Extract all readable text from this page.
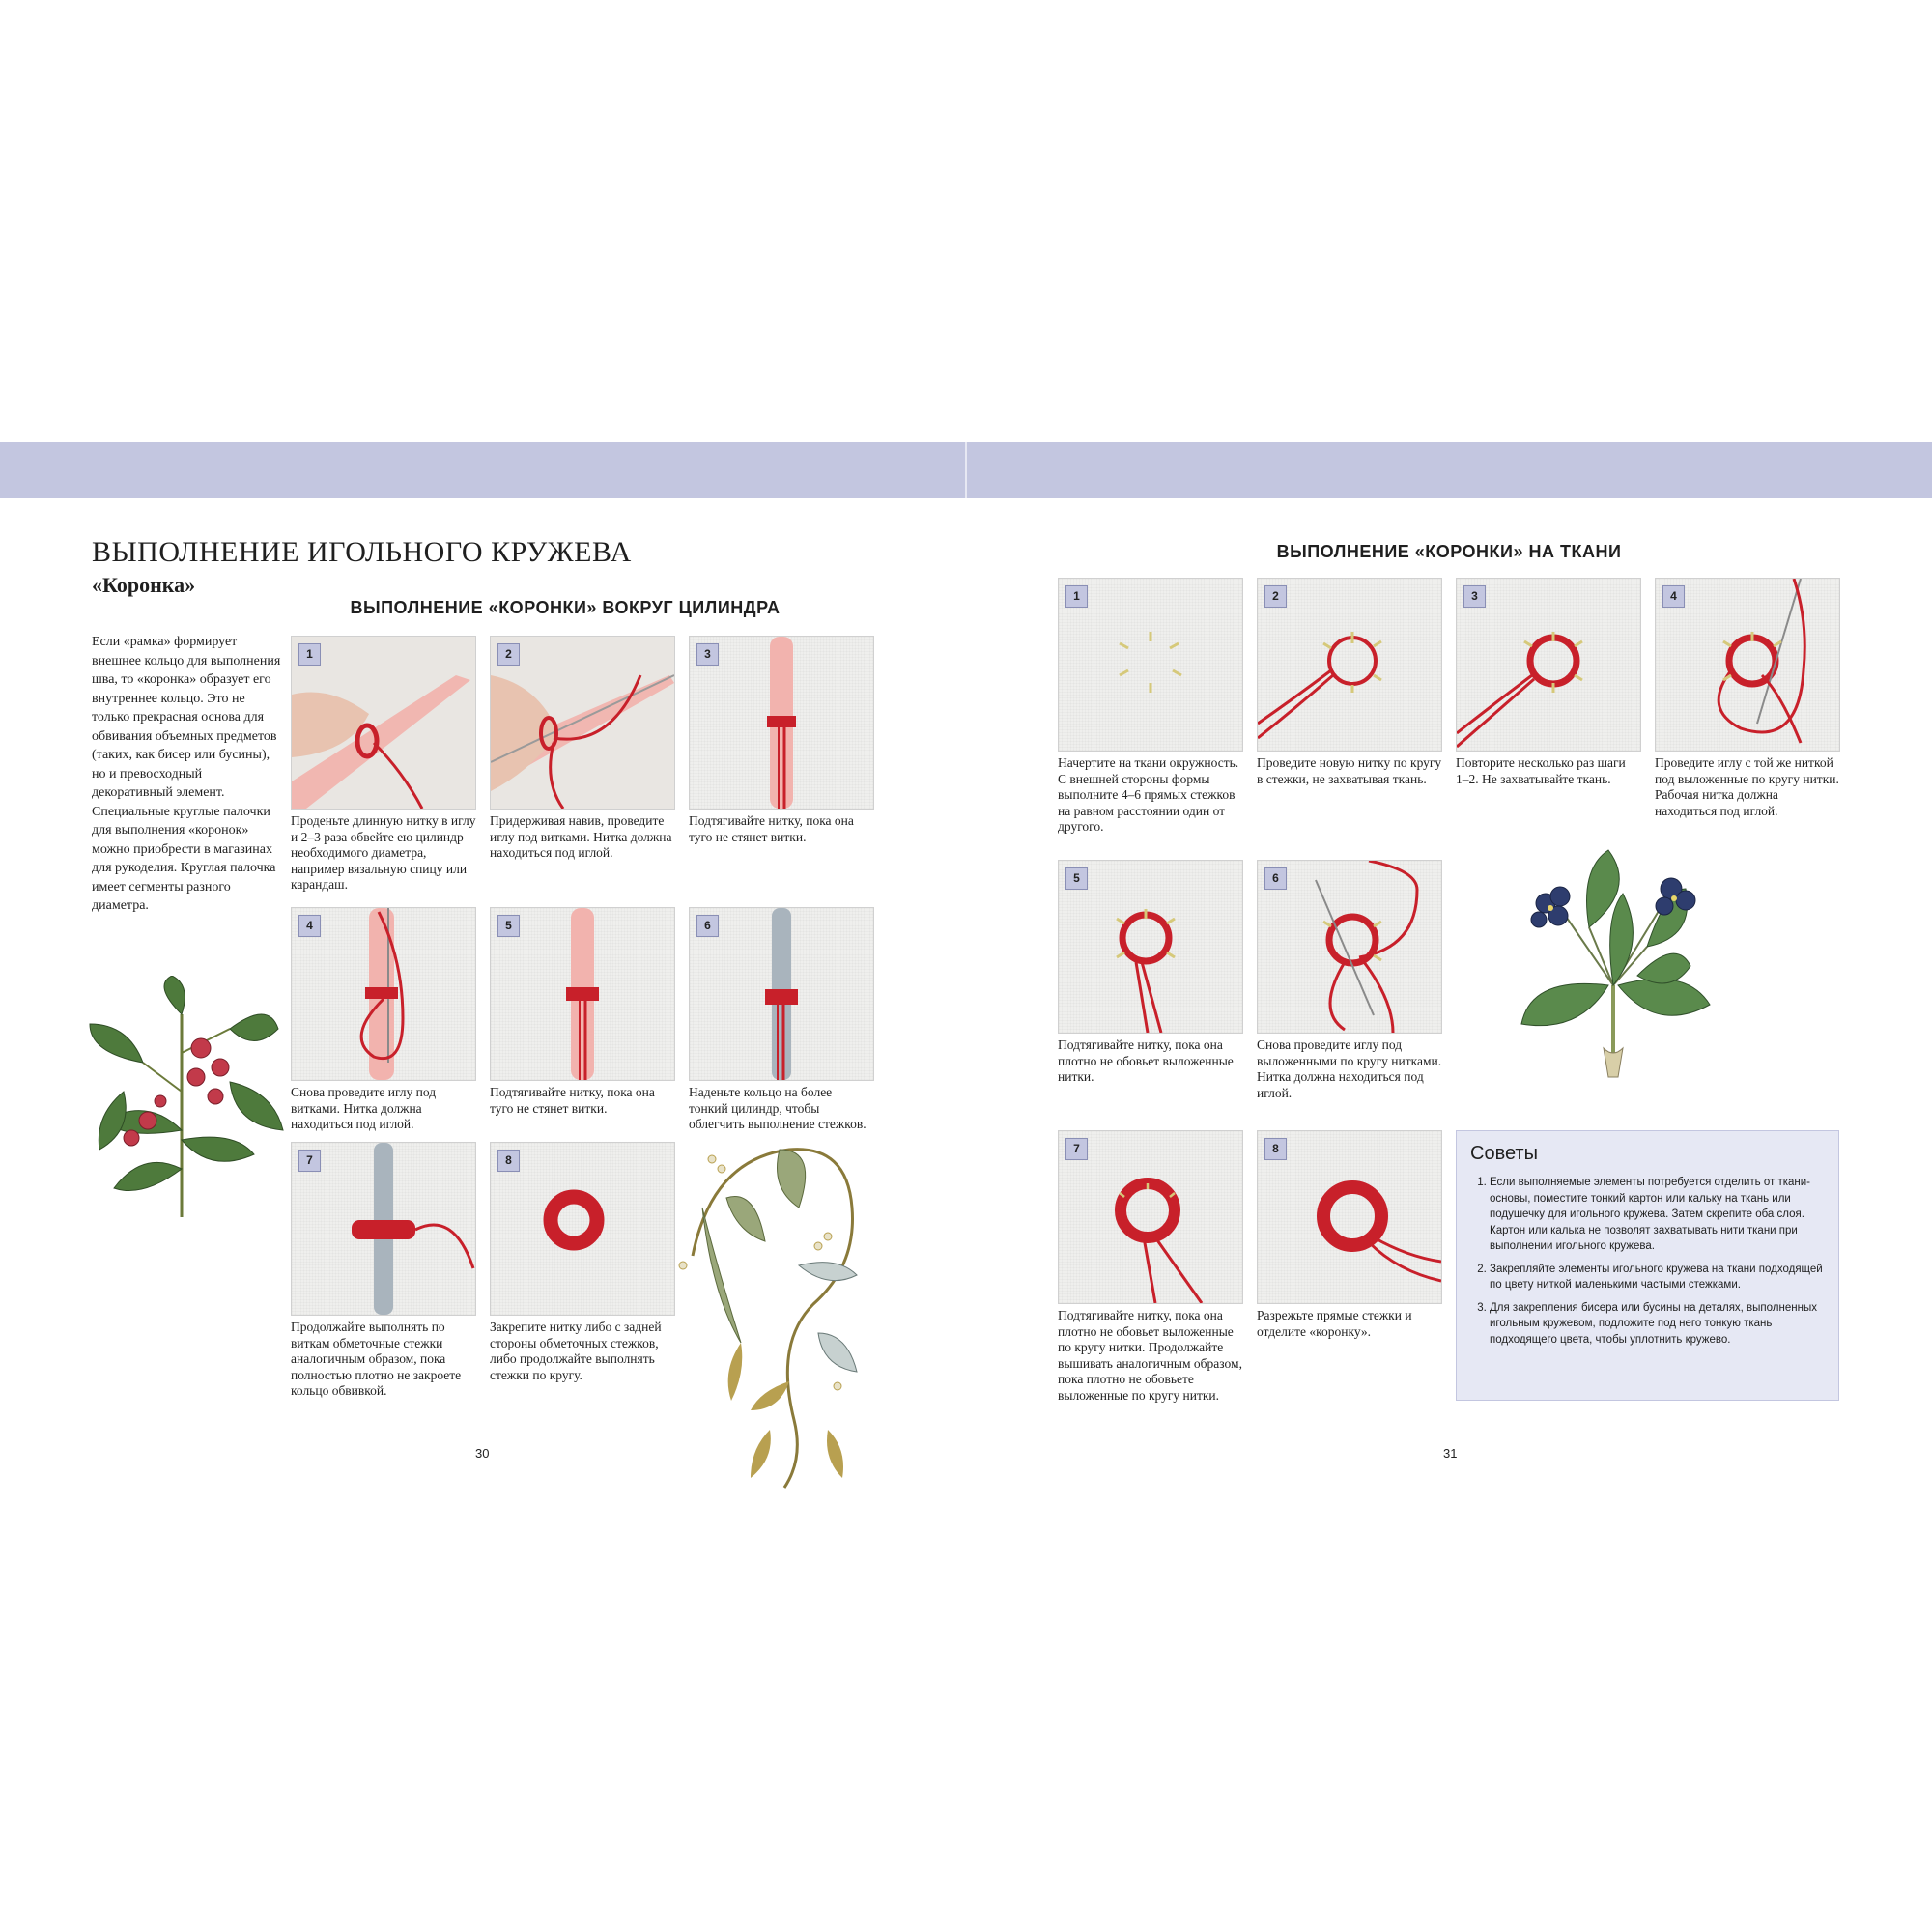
ВЫПОЛНЕНИЕ ИГОЛЬНОГО КРУЖЕВА
«Коронка»
ВЫПОЛНЕНИЕ «КОРОНКИ» ВОКРУГ ЦИЛИНДРА
Если «рамка» формирует внешнее кольцо для выполнения шва, то «коронка» образует его внутреннее кольцо. Это не только прекрасная основа для обвивания объемных предметов (таких, как бисер или бусины), но и превосходный декоративный элемент. Специальные круглые палочки для выполнения «коронок» можно приобрести в магазинах для рукоделия. Круглая палочка имеет сегменты разного диаметра.
1
Проденьте длинную нитку в иглу и 2–3 раза обвейте ею цилиндр необходимого диаметра, например вязальную спицу или карандаш.
2
Придерживая навив, проведите иглу под витками. Нитка должна находиться под иглой.
3
Подтягивайте нитку, пока она туго не стянет витки.
4
Снова проведите иглу под витками. Нитка должна находиться под иглой.
5
Подтягивайте нитку, пока она туго не стянет витки.
6
Наденьте кольцо на более тонкий цилиндр, чтобы облегчить выполнение стежков.
7
Продолжайте выполнять по виткам обметочные стежки аналогичным образом, пока полностью плотно не закроете кольцо обвивкой.
8
Закрепите нитку либо с задней стороны обметочных стежков, либо продолжайте выполнять стежки по кругу.
30
ВЫПОЛНЕНИЕ «КОРОНКИ» НА ТКАНИ
1
Начертите на ткани окружность. С внешней стороны формы выполните 4–6 прямых стежков на равном расстоянии один от другого.
2
Проведите новую нитку по кругу в стежки, не захватывая ткань.
3
Повторите несколько раз шаги 1–2. Не захватывайте ткань.
4
Проведите иглу с той же ниткой под выложенные по кругу нитки. Рабочая нитка должна находиться под иглой.
5
Подтягивайте нитку, пока она плотно не обовьет выложенные нитки.
6
Снова проведите иглу под выложенными по кругу нитками. Нитка должна находиться под иглой.
7
Подтягивайте нитку, пока она плотно не обовьет выложенные по кругу нитки. Продолжайте вышивать аналогичным образом, пока плотно не обовьете выложенные по кругу нитки.
8
Разрежьте прямые стежки и отделите «коронку».
Советы
1. Если выполняемые элементы потребуется отделить от ткани-основы, поместите тонкий картон или кальку на ткань или подушечку для игольного кружева. Затем скрепите оба слоя. Картон или калька не позволят захватывать нити ткани при выполнении игольного кружева.
2. Закрепляйте элементы игольного кружева на ткани подходящей по цвету ниткой маленькими частыми стежками.
3. Для закрепления бисера или бусины на деталях, выполненных игольным кружевом, подложите под него тонкую ткань подходящего цвета, чтобы уплотнить кружево.
31
